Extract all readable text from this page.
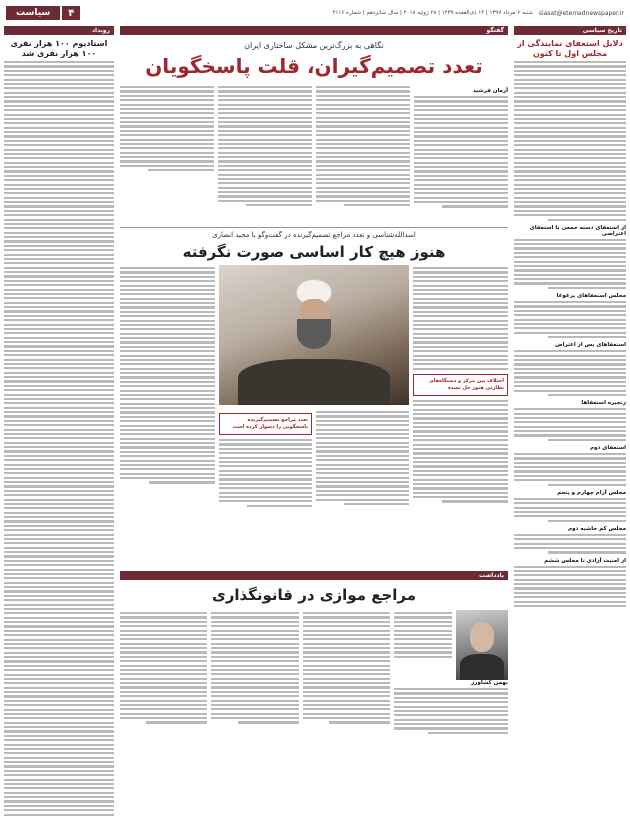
شنبه ۶ مرداد ۱۳۹۷ | ۱۴ ذی‌القعده ۱۴۳۹ | ۲۸ ژوئیه ۲۰۱۸ | سال شانزدهم | شماره ۴۱۱۶ siasat@etemadnewspaper.ir
۴
سیاست
تاریخ سیاسی
دلایل استعفای نمایندگی از مجلس اول تا کنون
از استعفای دسته جمعی تا استعفای اعتراضی
مجلس استعفاهای پرغوغا
استعفاهای پس از اعتراض
زنجیره استعفاها
استعفای دوم
مجلس آرام چهارم و پنجم
مجلس کم حاشیه دوم
از امنیت آزادی تا مجلس ششم
گفتگو
نگاهی به بزرگ‌ترین مشکل ساختاری ایران
تعدد تصمیم‌گیران، قلت پاسخگویان
آرمان فرشید
اسدالله‌شناسی و تعدد مراجع تصمیم‌گیرنده در گفت‌وگو با مجید انصاری
هنوز هیچ کار اساسی صورت نگرفته
اختلاف بین مرکز و دستگاه‌های نظارتی هنوز حل نشده
تعدد مراجع تصمیم‌گیرنده پاسخگویی را دشوار کرده است
یادداشت
مراجع موازی در قانونگذاری
بهمن کشاورز
رویداد
استادیوم ۱۰۰ هزار نفری ۱۰۰ هزار نفری شد
